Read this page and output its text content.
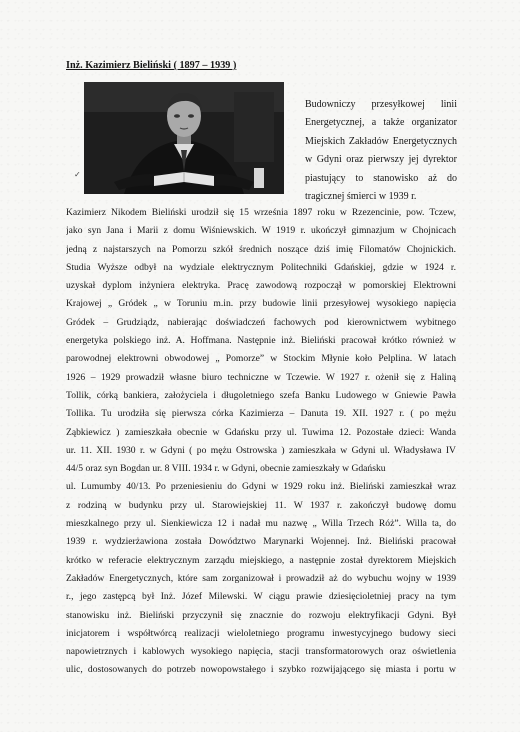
Inż. Kazimierz Bieliński ( 1897 – 1939 )
✓
Budowniczy przesyłkowej linii
Energetycznej, a także organizator
Miejskich Zakładów Energetycznych
w Gdyni oraz pierwszy jej dyrektor
piastujący to stanowisko aż do
tragicznej śmierci w 1939 r.
Kazimierz Nikodem Bieliński urodził się 15 września 1897 roku w Rzezencinie, pow. Tczew,
jako syn Jana i Marii z domu Wiśniewskich. W 1919 r. ukończył gimnazjum w Chojnicach
jedną z najstarszych na Pomorzu szkół średnich noszące dziś imię Filomatów Chojnickich.
Studia Wyższe odbył na wydziale elektrycznym Politechniki Gdańskiej, gdzie w 1924 r.
uzyskał dyplom inżyniera elektryka. Pracę zawodową rozpoczął w pomorskiej Elektrowni
Krajowej „ Gródek „ w Toruniu m.in. przy budowie linii przesyłowej wysokiego napięcia
Gródek – Grudziądz, nabierając doświadczeń fachowych pod kierownictwem wybitnego
energetyka polskiego inż. A. Hoffmana. Następnie inż. Bieliński pracował krótko również w
parowodnej elektrowni obwodowej „ Pomorze” w Stockim Młynie koło Pelplina. W latach
1926 – 1929 prowadził własne biuro techniczne w Tczewie. W 1927 r. ożenił się z Haliną
Tollik, córką bankiera, założyciela i długoletniego szefa Banku Ludowego w Gniewie Pawła
Tollika. Tu urodziła się pierwsza córka Kazimierza – Danuta 19. XII. 1927 r. ( po mężu
Ząbkiewicz ) zamieszkała obecnie w Gdańsku przy ul. Tuwima 12. Pozostałe dzieci: Wanda
ur. 11. XII. 1930 r. w Gdyni ( po mężu Ostrowska ) zamieszkała w Gdyni ul. Władysława IV
44/5 oraz syn Bogdan ur. 8 VIII. 1934 r. w Gdyni, obecnie zamieszkały w Gdańsku
ul. Lumumby 40/13. Po przeniesieniu do Gdyni w 1929 roku inż. Bieliński zamieszkał wraz
z rodziną w budynku przy ul. Starowiejskiej 11. W 1937 r. zakończył budowę domu
mieszkalnego przy ul. Sienkiewicza 12 i nadał mu nazwę „ Willa Trzech Róż”. Willa ta, do
1939 r. wydzierżawiona została Dowództwo Marynarki Wojennej. Inż. Bieliński pracował
krótko w referacie elektrycznym zarządu miejskiego, a następnie został dyrektorem Miejskich
Zakładów Energetycznych, które sam zorganizował i prowadził aż do wybuchu wojny w 1939
r., jego zastępcą był Inż. Józef Milewski. W ciągu prawie dziesięcioletniej pracy na tym
stanowisku inż. Bieliński przyczynił się znacznie do rozwoju elektryfikacji Gdyni. Był
inicjatorem i współtwórcą realizacji wieloletniego programu inwestycyjnego budowy sieci
napowietrznych i kablowych wysokiego napięcia, stacji transformatorowych oraz oświetlenia
ulic, dostosowanych do potrzeb nowopowstałego i szybko rozwijającego się miasta i portu w
